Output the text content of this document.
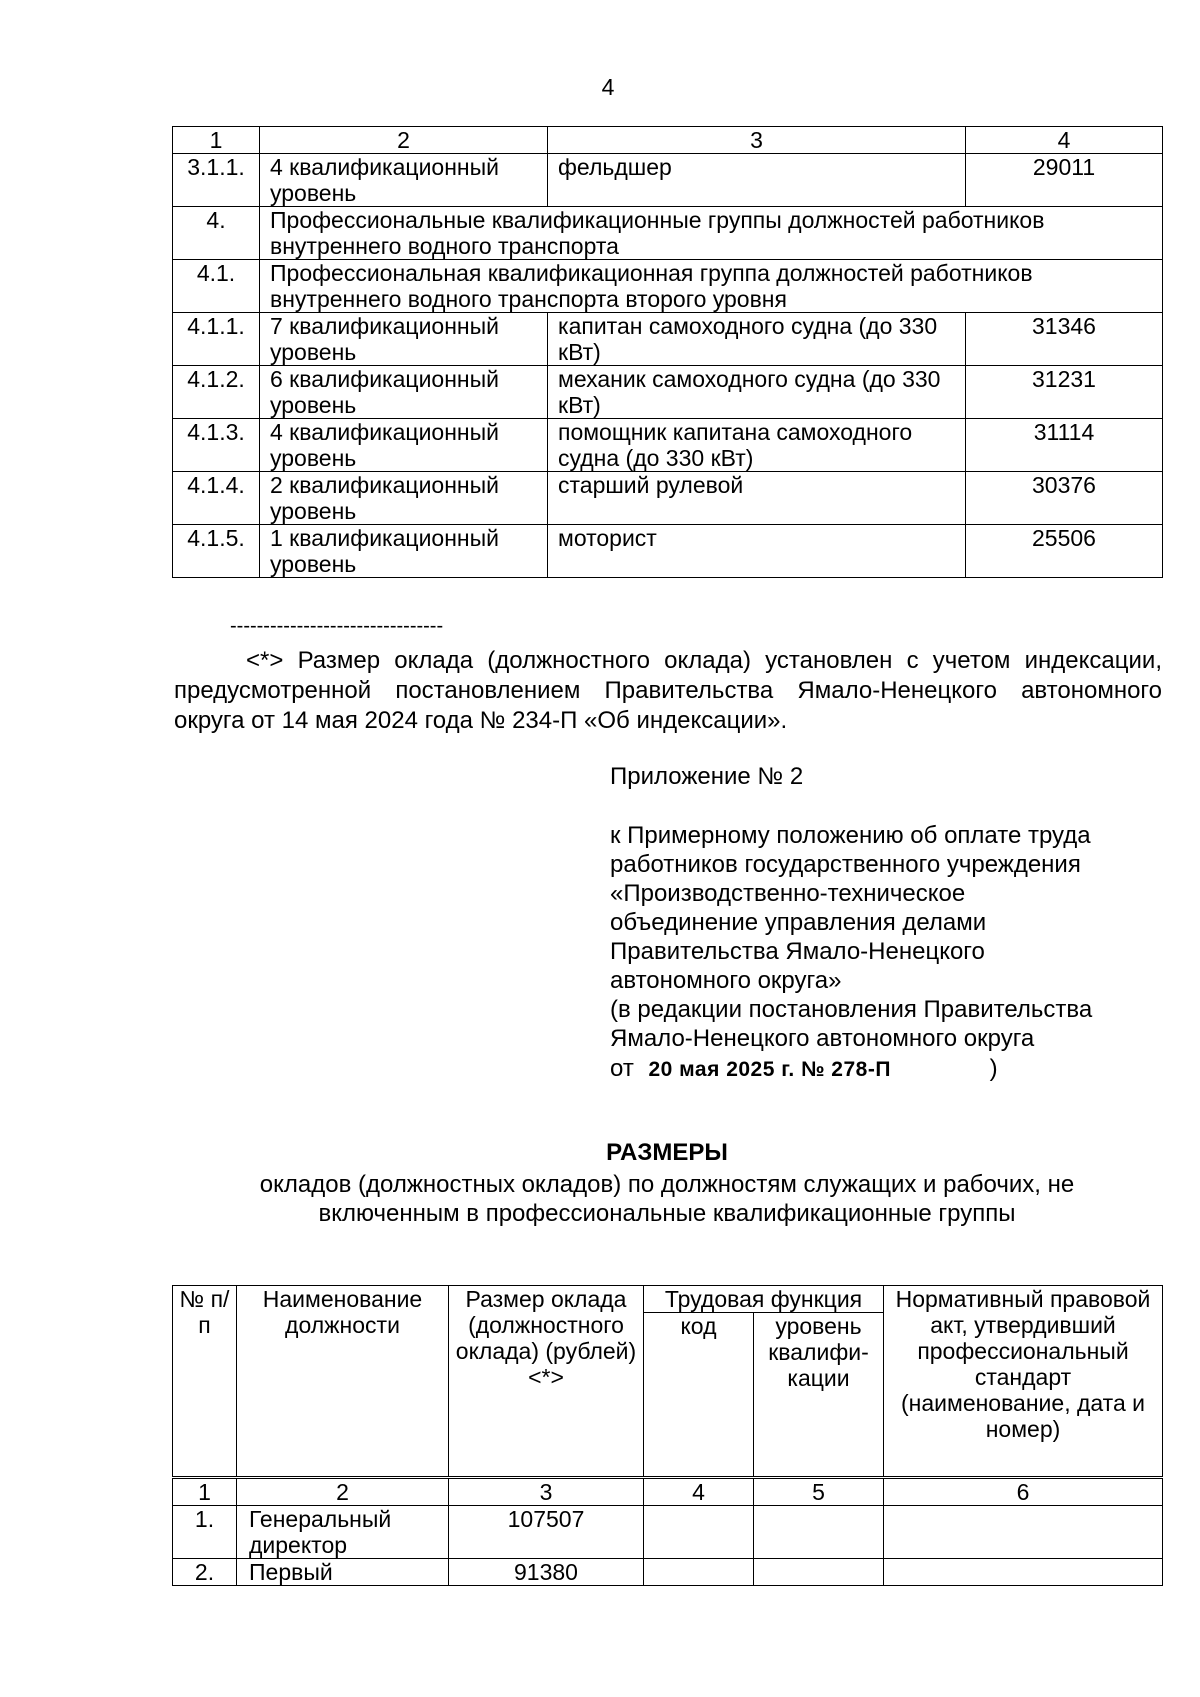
4
1	2	3	4
3.1.1.	4 квалификационный уровень	фельдшер	29011
4.	Профессиональные квалификационные группы должностей работников внутреннего водного транспорта		
4.1.	Профессиональная квалификационная группа должностей работников внутреннего водного транспорта второго уровня		
4.1.1.	7 квалификационный уровень	капитан самоходного судна (до 330 кВт)	31346
4.1.2.	6 квалификационный уровень	механик самоходного судна (до 330 кВт)	31231
4.1.3.	4 квалификационный уровень	помощник капитана самоходного судна (до 330 кВт)	31114
4.1.4.	2 квалификационный уровень	старший рулевой	30376
4.1.5.	1 квалификационный уровень	моторист	25506
--------------------------------

<*> Размер оклада (должностного оклада) установлен с учетом индексации, предусмотренной постановлением Правительства Ямало-Ненецкого автономного округа от 14 мая 2024 года № 234-П «Об индексации».

Приложение № 2
к Примерному положению об оплате труда
работников государственного учреждения
«Производственно-техническое
объединение управления делами
Правительства Ямало-Ненецкого
автономного округа»
(в редакции постановления Правительства
Ямало-Ненецкого автономного округа
от 20 мая 2025 г. № 278-П	)
РАЗМЕРЫ
окладов (должностных окладов) по должностям служащих и рабочих, не
включенным в профессиональные квалификационные группы
№ п/п	Наименование должности	Размер оклада (должностного оклада) (рублей) <*>	Трудовая функция		Нормативный правовой акт, утвердивший профессиональный стандарт (наименование, дата и номер)
			код	уровень квалифи-кации	
1	2	3	4	5	6
1.	Генеральный директор	107507			
2.	Первый	91380			
